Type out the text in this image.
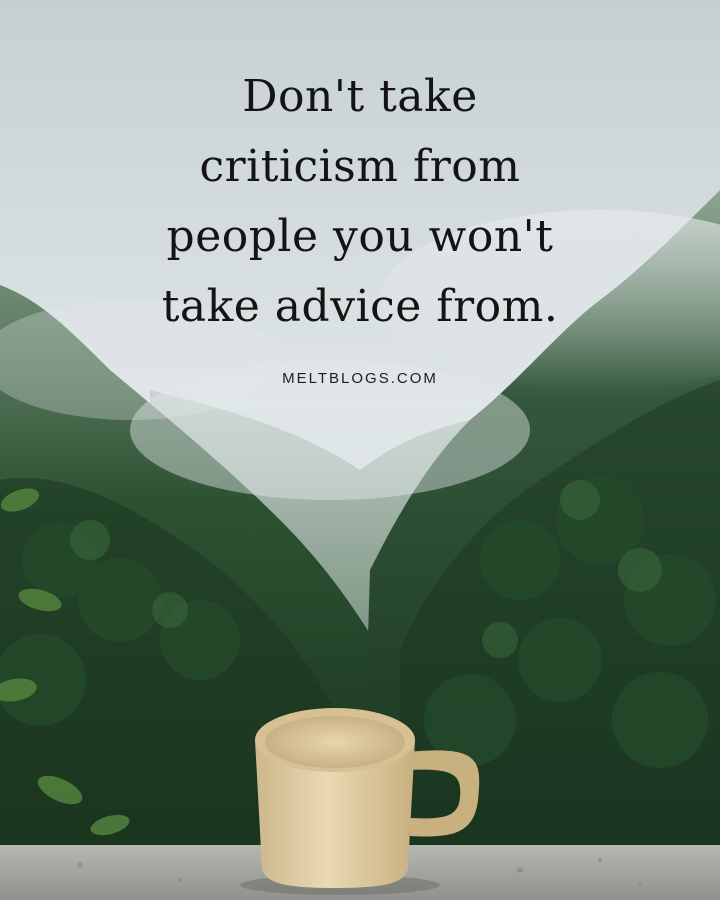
Don't take
criticism from
people you won't
take advice from.
MELTBLOGS.COM
